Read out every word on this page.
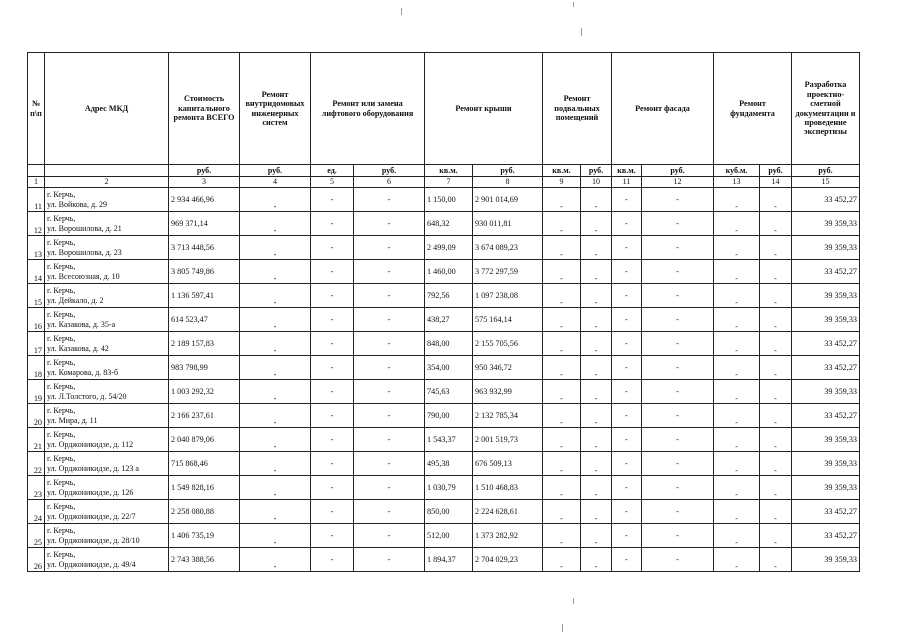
№ п\п	Адрес МКД	Стоимость капитального ремонта ВСЕГО	Ремонт внутридомовых инженерных систем	Ремонт или замена лифтового оборудования		Ремонт крыши		Ремонт подвальных помещений		Ремонт фасада		Ремонт фундамента		Разработка проектно-сметной документации и проведение экспертизы
		руб.	руб.	ед.	руб.	кв.м.	руб.	кв.м.	руб.	кв.м.	руб.	куб.м.	руб.	руб.
1	2	3	4	5	6	7	8	9	10	11	12	13	14	15
11	г. Керчь,
ул. Войкова, д. 29	2 934 466,96	-	-	-	1 150,00	2 901 014,69	-	-	-	-	-	-	33 452,27
12	г. Керчь,
ул. Ворошилова, д. 21	969 371,14	-	-	-	648,32	930 011,81	-	-	-	-	-	-	39 359,33
13	г. Керчь,
ул. Ворошилова, д. 23	3 713 448,56	-	-	-	2 499,09	3 674 089,23	-	-	-	-	-	-	39 359,33
14	г. Керчь,
ул. Всесоюзная, д. 10	3 805 749,86	-	-	-	1 460,00	3 772 297,59	-	-	-	-	-	-	33 452,27
15	г. Керчь,
ул. Дейкало, д. 2	1 136 597,41	-	-	-	792,56	1 097 238,08	-	-	-	-	-	-	39 359,33
16	г. Керчь,
ул. Казакова, д. 35-а	614 523,47	-	-	-	438,27	575 164,14	-	-	-	-	-	-	39 359,33
17	г. Керчь,
ул. Казакова, д. 42	2 189 157,83	-	-	-	848,00	2 155 705,56	-	-	-	-	-	-	33 452,27
18	г. Керчь,
ул. Комарова, д. 83-б	983 798,99	-	-	-	354,00	950 346,72	-	-	-	-	-	-	33 452,27
19	г. Керчь,
ул. Л.Толстого, д. 54/20	1 003 292,32	-	-	-	745,63	963 932,99	-	-	-	-	-	-	39 359,33
20	г. Керчь,
ул. Мира, д. 11	2 166 237,61	-	-	-	790,00	2 132 785,34	-	-	-	-	-	-	33 452,27
21	г. Керчь,
ул. Орджоникидзе, д. 112	2 040 879,06	-	-	-	1 543,37	2 001 519,73	-	-	-	-	-	-	39 359,33
22	г. Керчь,
ул. Орджоникидзе, д. 123 а	715 868,46	-	-	-	495,38	676 509,13	-	-	-	-	-	-	39 359,33
23	г. Керчь,
ул. Орджоникидзе, д. 126	1 549 828,16	-	-	-	1 030,79	1 510 468,83	-	-	-	-	-	-	39 359,33
24	г. Керчь,
ул. Орджоникидзе, д. 22/7	2 258 080,88	-	-	-	850,00	2 224 628,61	-	-	-	-	-	-	33 452,27
25	г. Керчь,
ул. Орджоникидзе, д. 28/10	1 406 735,19	-	-	-	512,00	1 373 282,92	-	-	-	-	-	-	33 452,27
26	г. Керчь,
ул. Орджоникидзе, д. 49/4	2 743 388,56	-	-	-	1 894,37	2 704 029,23	-	-	-	-	-	-	39 359,33
